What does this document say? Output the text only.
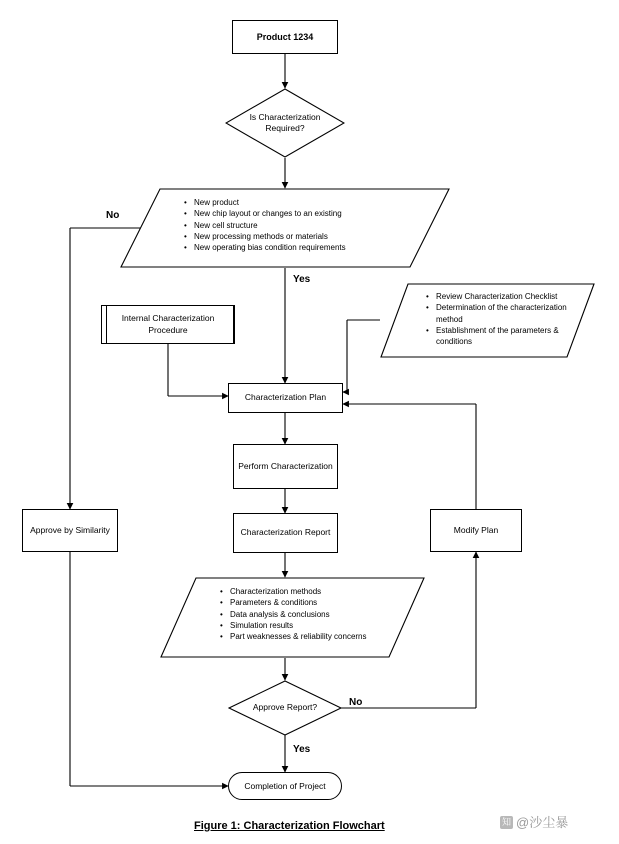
Product 1234
Is Characterization Required?
• New product
• New chip layout or changes to an existing
• New cell structure
• New processing methods or materials
• New operating bias condition requirements
No
Yes
Internal Characterization Procedure
• Review Characterization Checklist
• Determination of the characterization method
• Establishment of the parameters & conditions
Characterization Plan
Perform Characterization
Characterization Report
Approve by Similarity	Modify Plan
• Characterization methods
• Parameters & conditions
• Data analysis & conclusions
• Simulation results
• Part weaknesses & reliability concerns
Approve Report?	No
Yes
Completion of Project
Figure 1: Characterization Flowchart 知	@沙尘暴
